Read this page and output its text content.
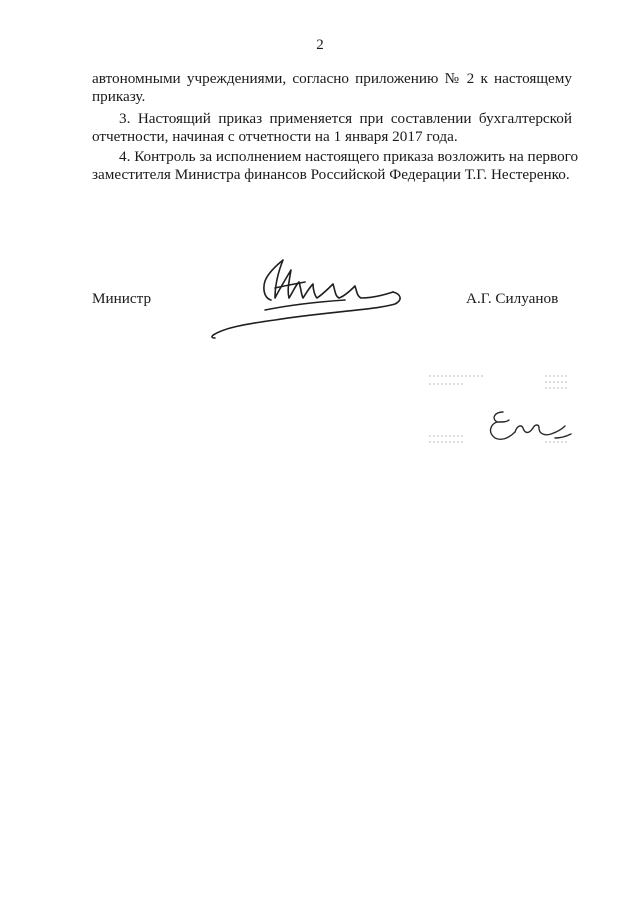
2
автономными учреждениями, согласно приложению № 2 к настоящему
приказу.
3. Настоящий приказ применяется при составлении бухгалтерской
отчетности, начиная с отчетности на 1 января 2017 года.
4. Контроль за исполнением настоящего приказа возложить на первого
заместителя Министра финансов Российской Федерации Т.Г. Нестеренко.
Министр	А.Г. Силуанов
